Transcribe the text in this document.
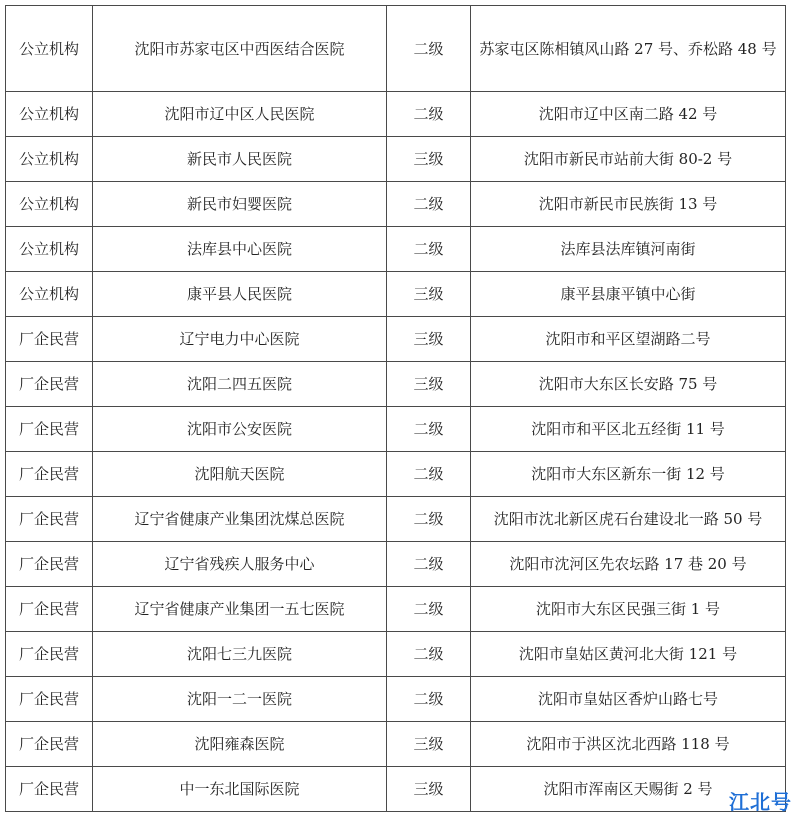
公立机构	沈阳市苏家屯区中西医结合医院	二级	苏家屯区陈相镇风山路 27 号、乔松路 48 号
公立机构	沈阳市辽中区人民医院	二级	沈阳市辽中区南二路 42 号
公立机构	新民市人民医院	三级	沈阳市新民市站前大街 80-2 号
公立机构	新民市妇婴医院	二级	沈阳市新民市民族街 13 号
公立机构	法库县中心医院	二级	法库县法库镇河南街
公立机构	康平县人民医院	三级	康平县康平镇中心街
厂企民营	辽宁电力中心医院	三级	沈阳市和平区望湖路二号
厂企民营	沈阳二四五医院	三级	沈阳市大东区长安路 75 号
厂企民营	沈阳市公安医院	二级	沈阳市和平区北五经街 11 号
厂企民营	沈阳航天医院	二级	沈阳市大东区新东一街 12 号
厂企民营	辽宁省健康产业集团沈煤总医院	二级	沈阳市沈北新区虎石台建设北一路 50 号
厂企民营	辽宁省残疾人服务中心	二级	沈阳市沈河区先农坛路 17 巷 20 号
厂企民营	辽宁省健康产业集团一五七医院	二级	沈阳市大东区民强三街 1 号
厂企民营	沈阳七三九医院	二级	沈阳市皇姑区黄河北大街 121 号
厂企民营	沈阳一二一医院	二级	沈阳市皇姑区香炉山路七号
厂企民营	沈阳雍森医院	三级	沈阳市于洪区沈北西路 118 号
厂企民营	中一东北国际医院	三级	沈阳市浑南区天赐街 2 号
江北号
